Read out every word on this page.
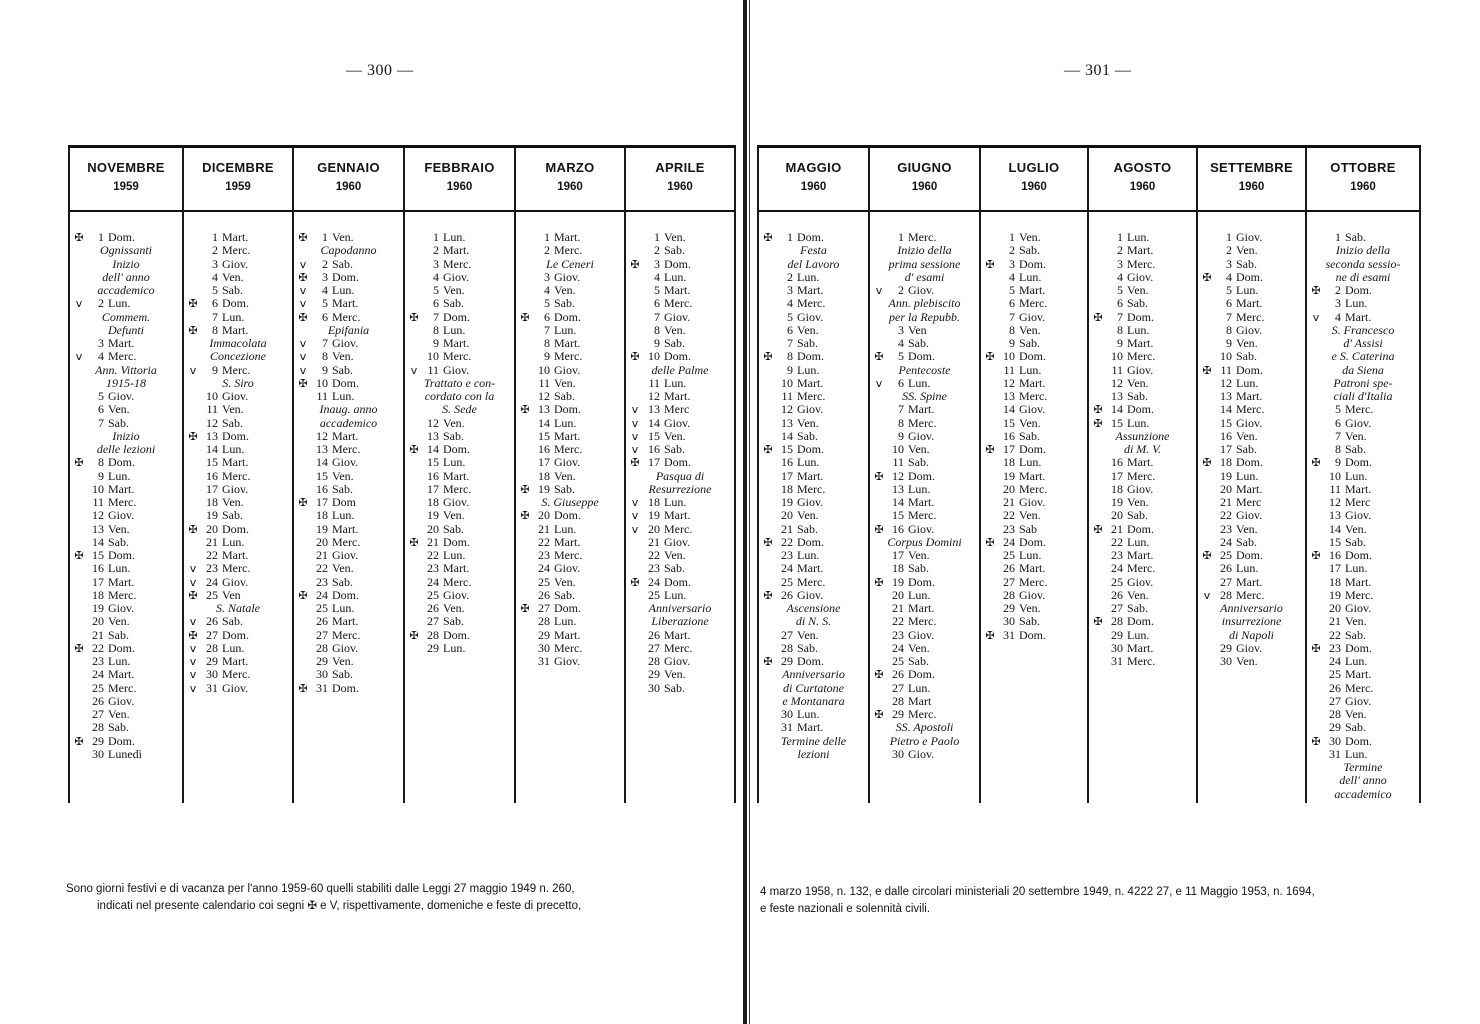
— 300 —	— 301 —
NOVEMBRE
1959
✠	1 Dom.
Ognissanti
Inizio
dell' anno
accademico
v	2 Lun.
Commem.
Defunti
3 Mart.
v	4 Merc.
Ann. Vittoria
1915-18
5 Giov.
6 Ven.
7 Sab.
Inizio
delle lezioni
✠	8 Dom.
9 Lun.
10 Mart.
11 Merc.
12 Giov.
13 Ven.
14 Sab.
✠ 15 Dom.
16 Lun.
17 Mart.
18 Merc.
19 Giov.
20 Ven.
21 Sab.
✠ 22 Dom.
23 Lun.
24 Mart.
25 Merc.
26 Giov.
27 Ven.
28 Sab.
✠ 29 Dom.
30 Lunedì
DICEMBRE
1959
1 Mart.
2 Merc.
3 Giov.
4 Ven.
5 Sab.
✠	6 Dom.
7 Lun.
✠	8 Mart.
Immacolata
Concezione
v	9 Merc.
S. Siro
10 Giov.
11 Ven.
12 Sab.
✠ 13 Dom.
14 Lun.
15 Mart.
16 Merc.
17 Giov.
18 Ven.
19 Sab.
✠ 20 Dom.
21 Lun.
22 Mart.
v 23 Merc.
v 24 Giov.
✠ 25 Ven
S. Natale
v 26 Sab.
✠ 27 Dom.
v 28 Lun.
v 29 Mart.
v 30 Merc.
v 31 Giov.
GENNAIO
1960
✠	1 Ven.
Capodanno
v	2 Sab.
✠	3 Dom.
v	4 Lun.
v	5 Mart.
✠	6 Merc.
Epifania
v	7 Giov.
v	8 Ven.
v	9 Sab.
✠ 10 Dom.
11 Lun.
Inaug. anno
accademico
12 Mart.
13 Merc.
14 Giov.
15 Ven.
16 Sab.
✠ 17 Dom
18 Lun.
19 Mart.
20 Merc.
21 Giov.
22 Ven.
23 Sab.
✠ 24 Dom.
25 Lun.
26 Mart.
27 Merc.
28 Giov.
29 Ven.
30 Sab.
✠ 31 Dom.
FEBBRAIO
1960
1 Lun.
2 Mart.
3 Merc.
4 Giov.
5 Ven.
6 Sab.
✠	7 Dom.
8 Lun.
9 Mart.
10 Merc.
v 11 Giov.
Trattato e con-
cordato con la
S. Sede
12 Ven.
13 Sab.
✠ 14 Dom.
15 Lun.
16 Mart.
17 Merc.
18 Giov.
19 Ven.
20 Sab.
✠ 21 Dom.
22 Lun.
23 Mart.
24 Merc.
25 Giov.
26 Ven.
27 Sab.
✠ 28 Dom.
29 Lun.
MARZO
1960
1 Mart.
2 Merc.
Le Ceneri
3 Giov.
4 Ven.
5 Sab.
✠	6 Dom.
7 Lun.
8 Mart.
9 Merc.
10 Giov.
11 Ven.
12 Sab.
✠ 13 Dom.
14 Lun.
15 Mart.
16 Merc.
17 Giov.
18 Ven.
✠ 19 Sab.
S. Giuseppe
✠ 20 Dom.
21 Lun.
22 Mart.
23 Merc.
24 Giov.
25 Ven.
26 Sab.
✠ 27 Dom.
28 Lun.
29 Mart.
30 Merc.
31 Giov.
APRILE
1960
1 Ven.
2 Sab.
✠	3 Dom.
4 Lun.
5 Mart.
6 Merc.
7 Giov.
8 Ven.
9 Sab.
✠ 10 Dom.
delle Palme
11 Lun.
12 Mart.
v 13 Merc
v 14 Giov.
v 15 Ven.
v 16 Sab.
✠ 17 Dom.
Pasqua di
Resurrezione
v 18 Lun.
v 19 Mart.
v 20 Merc.
21 Giov.
22 Ven.
23 Sab.
✠ 24 Dom.
25 Lun.
Anniversario
Liberazione
26 Mart.
27 Merc.
28 Giov.
29 Ven.
30 Sab.
MAGGIO
1960
✠	1 Dom.
Festa
del Lavoro
2 Lun.
3 Mart.
4 Merc.
5 Giov.
6 Ven.
7 Sab.
✠	8 Dom.
9 Lun.
10 Mart.
11 Merc.
12 Giov.
13 Ven.
14 Sab.
✠ 15 Dom.
16 Lun.
17 Mart.
18 Merc.
19 Giov.
20 Ven.
21 Sab.
✠ 22 Dom.
23 Lun.
24 Mart.
25 Merc.
✠ 26 Giov.
Ascensione
di N. S.
27 Ven.
28 Sab.
✠ 29 Dom.
Anniversario
di Curtatone
e Montanara
30 Lun.
31 Mart.
Termine delle
lezioni
GIUGNO
1960
1 Merc.
Inizio della
prima sessione
d' esami
v	2 Giov.
Ann. plebiscito
per la Repubb.
3 Ven
4 Sab.
✠	5 Dom.
Pentecoste
v	6 Lun.
SS. Spine
7 Mart.
8 Merc.
9 Giov.
10 Ven.
11 Sab.
✠ 12 Dom.
13 Lun.
14 Mart.
15 Merc.
✠ 16 Giov.
Corpus Domini
17 Ven.
18 Sab.
✠ 19 Dom.
20 Lun.
21 Mart.
22 Merc.
23 Giov.
24 Ven.
25 Sab.
✠ 26 Dom.
27 Lun.
28 Mart
✠ 29 Merc.
SS. Apostoli
Pietro e Paolo
30 Giov.
LUGLIO
1960
1 Ven.
2 Sab.
✠	3 Dom.
4 Lun.
5 Mart.
6 Merc.
7 Giov.
8 Ven.
9 Sab.
✠ 10 Dom.
11 Lun.
12 Mart.
13 Merc.
14 Giov.
15 Ven.
16 Sab.
✠ 17 Dom.
18 Lun.
19 Mart.
20 Merc.
21 Giov.
22 Ven.
23 Sab
✠ 24 Dom.
25 Lun.
26 Mart.
27 Merc.
28 Giov.
29 Ven.
30 Sab.
✠ 31 Dom.
AGOSTO
1960
1 Lun.
2 Mart.
3 Merc.
4 Giov.
5 Ven.
6 Sab.
✠	7 Dom.
8 Lun.
9 Mart.
10 Merc.
11 Giov.
12 Ven.
13 Sab.
✠ 14 Dom.
✠ 15 Lun.
Assunzione
di M. V.
16 Mart.
17 Merc.
18 Giov.
19 Ven.
20 Sab.
✠ 21 Dom.
22 Lun.
23 Mart.
24 Merc.
25 Giov.
26 Ven.
27 Sab.
✠ 28 Dom.
29 Lun.
30 Mart.
31 Merc.
SETTEMBRE
1960
1 Giov.
2 Ven.
3 Sab.
✠	4 Dom.
5 Lun.
6 Mart.
7 Merc.
8 Giov.
9 Ven.
10 Sab.
✠ 11 Dom.
12 Lun.
13 Mart.
14 Merc.
15 Giov.
16 Ven.
17 Sab.
✠ 18 Dom.
19 Lun.
20 Mart.
21 Merc
22 Giov.
23 Ven.
24 Sab.
✠ 25 Dom.
26 Lun.
27 Mart.
v 28 Merc.
Anniversario
insurrezione
di Napoli
29 Giov.
30 Ven.
OTTOBRE
1960
1 Sab.
Inizio della
seconda sessio-
ne di esami
✠	2 Dom.
3 Lun.
v	4 Mart.
S. Francesco
d' Assisi
e S. Caterina
da Siena
Patroni spe-
ciali d'Italia
5 Merc.
6 Giov.
7 Ven.
8 Sab.
✠	9 Dom.
10 Lun.
11 Mart.
12 Merc
13 Giov.
14 Ven.
15 Sab.
✠ 16 Dom.
17 Lun.
18 Mart.
19 Merc.
20 Giov.
21 Ven.
22 Sab.
✠ 23 Dom.
24 Lun.
25 Mart.
26 Merc.
27 Giov.
28 Ven.
29 Sab.
✠ 30 Dom.
31 Lun.
Termine
dell' anno
accademico
Sono giorni festivi e di vacanza per l'anno 1959-60 quelli stabiliti dalle Leggi 27 maggio 1949 n. 260,
indicati nel presente calendario coi segni ✠ e V, rispettivamente, domeniche e feste di precetto,
4 marzo 1958, n. 132, e dalle circolari ministeriali 20 settembre 1949, n. 4222 27, e 11 Maggio 1953, n. 1694,
e feste nazionali e solennità civili.
